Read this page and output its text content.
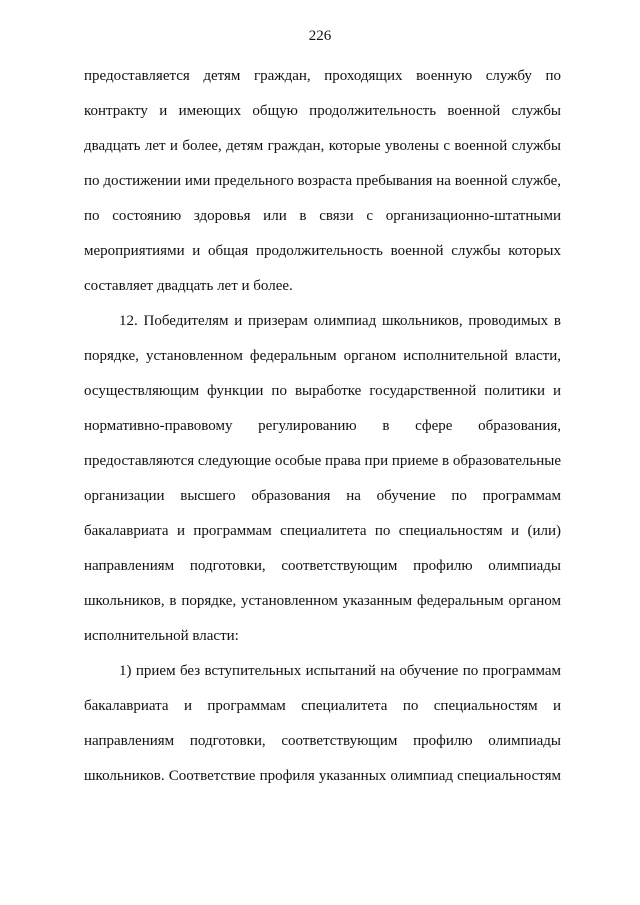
226
предоставляется детям граждан, проходящих военную службу по
контракту и имеющих общую продолжительность военной службы
двадцать лет и более, детям граждан, которые уволены с военной службы
по достижении ими предельного возраста пребывания на военной службе,
по состоянию здоровья или в связи с организационно-штатными
мероприятиями и общая продолжительность военной службы которых
составляет двадцать лет и более.
12. Победителям и призерам олимпиад школьников, проводимых в
порядке, установленном федеральным органом исполнительной власти,
осуществляющим функции по выработке государственной политики и
нормативно-правовому регулированию в сфере образования,
предоставляются следующие особые права при приеме в образовательные
организации высшего образования на обучение по программам
бакалавриата и программам специалитета по специальностям и (или)
направлениям подготовки, соответствующим профилю олимпиады
школьников, в порядке, установленном указанным федеральным органом
исполнительной власти:
1) прием без вступительных испытаний на обучение по программам
бакалавриата и программам специалитета по специальностям и
направлениям подготовки, соответствующим профилю олимпиады
школьников. Соответствие профиля указанных олимпиад специальностям
